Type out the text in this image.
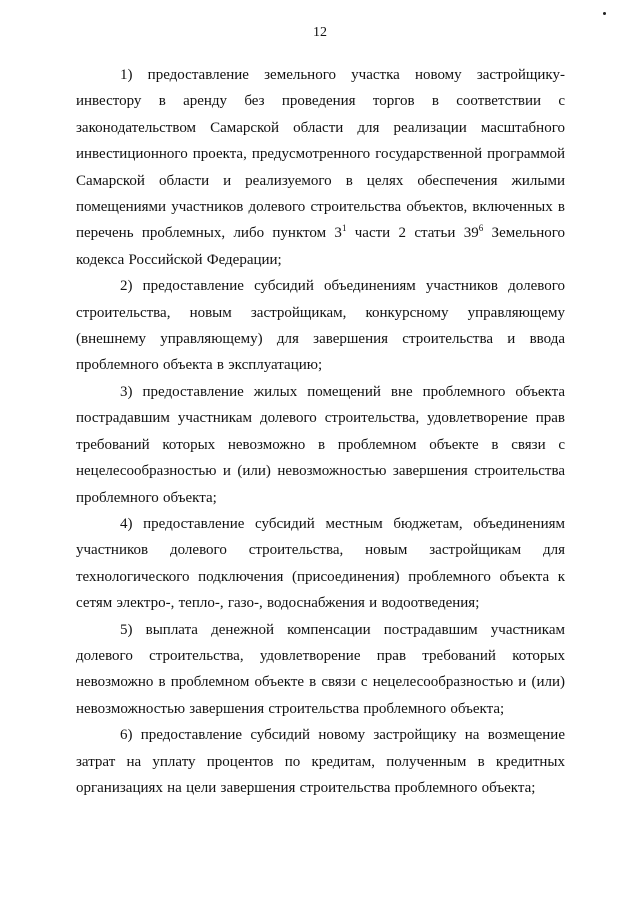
12

1) предоставление земельного участка новому застройщику-инвестору в аренду без проведения торгов в соответствии с законодательством Самарской области для реализации масштабного инвестиционного проекта, предусмотренного государственной программой Самарской области и реализуемого в целях обеспечения жилыми помещениями участников долевого строительства объектов, включенных в перечень проблемных, либо пунктом $3^1$ части 2 статьи $39^6$ Земельного кодекса Российской Федерации;

2) предоставление субсидий объединениям участников долевого строительства, новым застройщикам, конкурсному управляющему (внешнему управляющему) для завершения строительства и ввода проблемного объекта в эксплуатацию;

3) предоставление жилых помещений вне проблемного объекта пострадавшим участникам долевого строительства, удовлетворение прав требований которых невозможно в проблемном объекте в связи с нецелесообразностью и (или) невозможностью завершения строительства проблемного объекта;

4) предоставление субсидий местным бюджетам, объединениям участников долевого строительства, новым застройщикам для технологического подключения (присоединения) проблемного объекта к сетям электро-, тепло-, газо-, водоснабжения и водоотведения;

5) выплата денежной компенсации пострадавшим участникам долевого строительства, удовлетворение прав требований которых невозможно в проблемном объекте в связи с нецелесообразностью и (или) невозможностью завершения строительства проблемного объекта;

6) предоставление субсидий новому застройщику на возмещение затрат на уплату процентов по кредитам, полученным в кредитных организациях на цели завершения строительства проблемного объекта;
